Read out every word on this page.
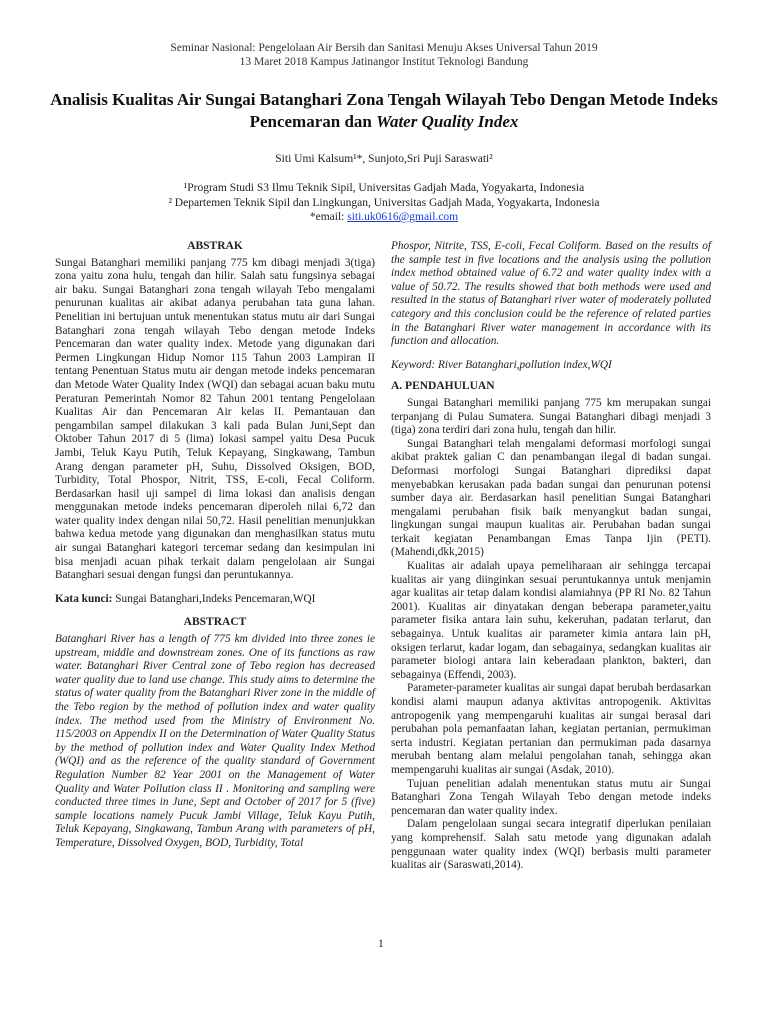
Seminar Nasional: Pengelolaan Air Bersih dan Sanitasi Menuju Akses Universal Tahun 2019
13 Maret 2018 Kampus Jatinangor Institut Teknologi Bandung
Analisis Kualitas Air Sungai Batanghari Zona Tengah Wilayah Tebo Dengan Metode Indeks Pencemaran dan Water Quality Index
Siti Umi Kalsum¹*, Sunjoto,Sri Puji Saraswati²
¹Program Studi S3 Ilmu Teknik Sipil, Universitas Gadjah Mada, Yogyakarta, Indonesia
² Departemen Teknik Sipil dan Lingkungan, Universitas Gadjah Mada, Yogyakarta, Indonesia
*email: siti.uk0616@gmail.com
ABSTRAK

Sungai Batanghari memiliki panjang 775 km dibagi menjadi 3(tiga) zona yaitu zona hulu, tengah dan hilir. Salah satu fungsinya sebagai air baku. Sungai Batanghari zona tengah wilayah Tebo mengalami penurunan kualitas air akibat adanya perubahan tata guna lahan. Penelitian ini bertujuan untuk menentukan status mutu air dari Sungai Batanghari zona tengah wilayah Tebo dengan metode Indeks Pencemaran dan water quality index. Metode yang digunakan dari Permen Lingkungan Hidup Nomor 115 Tahun 2003 Lampiran II tentang Penentuan Status mutu air dengan metode indeks pencemaran dan Metode Water Quality Index (WQI) dan sebagai acuan baku mutu Peraturan Pemerintah Nomor 82 Tahun 2001 tentang Pengelolaan Kualitas Air dan Pencemaran Air kelas II. Pemantauan dan pengambilan sampel dilakukan 3 kali pada Bulan Juni,Sept dan Oktober Tahun 2017 di 5 (lima) lokasi sampel yaitu Desa Pucuk Jambi, Teluk Kayu Putih, Teluk Kepayang, Singkawang, Tambun Arang dengan parameter pH, Suhu, Dissolved Oksigen, BOD, Turbidity, Total Phospor, Nitrit, TSS, E-coli, Fecal Coliform. Berdasarkan hasil uji sampel di lima lokasi dan analisis dengan menggunakan metode indeks pencemaran diperoleh nilai 6,72 dan water quality index dengan nilai 50,72. Hasil penelitian menunjukkan bahwa kedua metode yang digunakan dan menghasilkan status mutu air sungai Batanghari kategori tercemar sedang dan kesimpulan ini bisa menjadi acuan pihak terkait dalam pengelolaan air Sungai Batanghari sesuai dengan fungsi dan peruntukannya.

Kata kunci: Sungai Batanghari,Indeks Pencemaran,WQI

ABSTRACT

Batanghari River has a length of 775 km divided into three zones ie upstream, middle and downstream zones. One of its functions as raw water. Batanghari River Central zone of Tebo region has decreased water quality due to land use change. This study aims to determine the status of water quality from the Batanghari River zone in the middle of the Tebo region by the method of pollution index and water quality index. The method used from the Ministry of Environment No. 115/2003 on Appendix II on the Determination of Water Quality Status by the method of pollution index and Water Quality Index Method (WQI) and as the reference of the quality standard of Government Regulation Number 82 Year 2001 on the Management of Water Quality and Water Pollution class II . Monitoring and sampling were conducted three times in June, Sept and October of 2017 for 5 (five) sample locations namely Pucuk Jambi Village, Teluk Kayu Putih, Teluk Kepayang, Singkawang, Tambun Arang with parameters of pH, Temperature, Dissolved Oxygen, BOD, Turbidity, Total

Phospor, Nitrite, TSS, E-coli, Fecal Coliform. Based on the results of the sample test in five locations and the analysis using the pollution index method obtained value of 6.72 and water quality index with a value of 50.72. The results showed that both methods were used and resulted in the status of Batanghari river water of moderately polluted category and this conclusion could be the reference of related parties in the Batanghari River water management in accordance with its function and allocation.

Keyword: River Batanghari,pollution index,WQI

A. PENDAHULUAN

Sungai Batanghari memiliki panjang 775 km merupakan sungai terpanjang di Pulau Sumatera. Sungai Batanghari dibagi menjadi 3 (tiga) zona terdiri dari zona hulu, tengah dan hilir.

Sungai Batanghari telah mengalami deformasi morfologi sungai akibat praktek galian C dan penambangan ilegal di badan sungai. Deformasi morfologi Sungai Batanghari diprediksi dapat menyebabkan kerusakan pada badan sungai dan penurunan potensi sumber daya air. Berdasarkan hasil penelitian Sungai Batanghari mengalami perubahan fisik baik menyangkut badan sungai, lingkungan sungai maupun kualitas air. Perubahan badan sungai terkait kegiatan Penambangan Emas Tanpa Ijin (PETI). (Mahendi,dkk,2015)

Kualitas air adalah upaya pemeliharaan air sehingga tercapai kualitas air yang diinginkan sesuai peruntukannya untuk menjamin agar kualitas air tetap dalam kondisi alamiahnya (PP RI No. 82 Tahun 2001). Kualitas air dinyatakan dengan beberapa parameter,yaitu parameter fisika antara lain suhu, kekeruhan, padatan terlarut, dan sebagainya. Untuk kualitas air parameter kimia antara lain pH, oksigen terlarut, kadar logam, dan sebagainya, sedangkan kualitas air parameter biologi antara lain keberadaan plankton, bakteri, dan sebagainya (Effendi, 2003).

Parameter-parameter kualitas air sungai dapat berubah berdasarkan kondisi alami maupun adanya aktivitas antropogenik. Aktivitas antropogenik yang mempengaruhi kualitas air sungai berasal dari perubahan pola pemanfaatan lahan, kegiatan pertanian, permukiman serta industri. Kegiatan pertanian dan permukiman pada dasarnya merubah bentang alam melalui pengolahan tanah, sehingga akan mempengaruhi kualitas air sungai (Asdak, 2010).

Tujuan penelitian adalah menentukan status mutu air Sungai Batanghari Zona Tengah Wilayah Tebo dengan metode indeks pencemaran dan water quality index.

Dalam pengelolaan sungai secara integratif diperlukan penilaian yang komprehensif. Salah satu metode yang digunakan adalah penggunaan water quality index (WQI) berbasis multi parameter kualitas air (Saraswati,2014).

1
